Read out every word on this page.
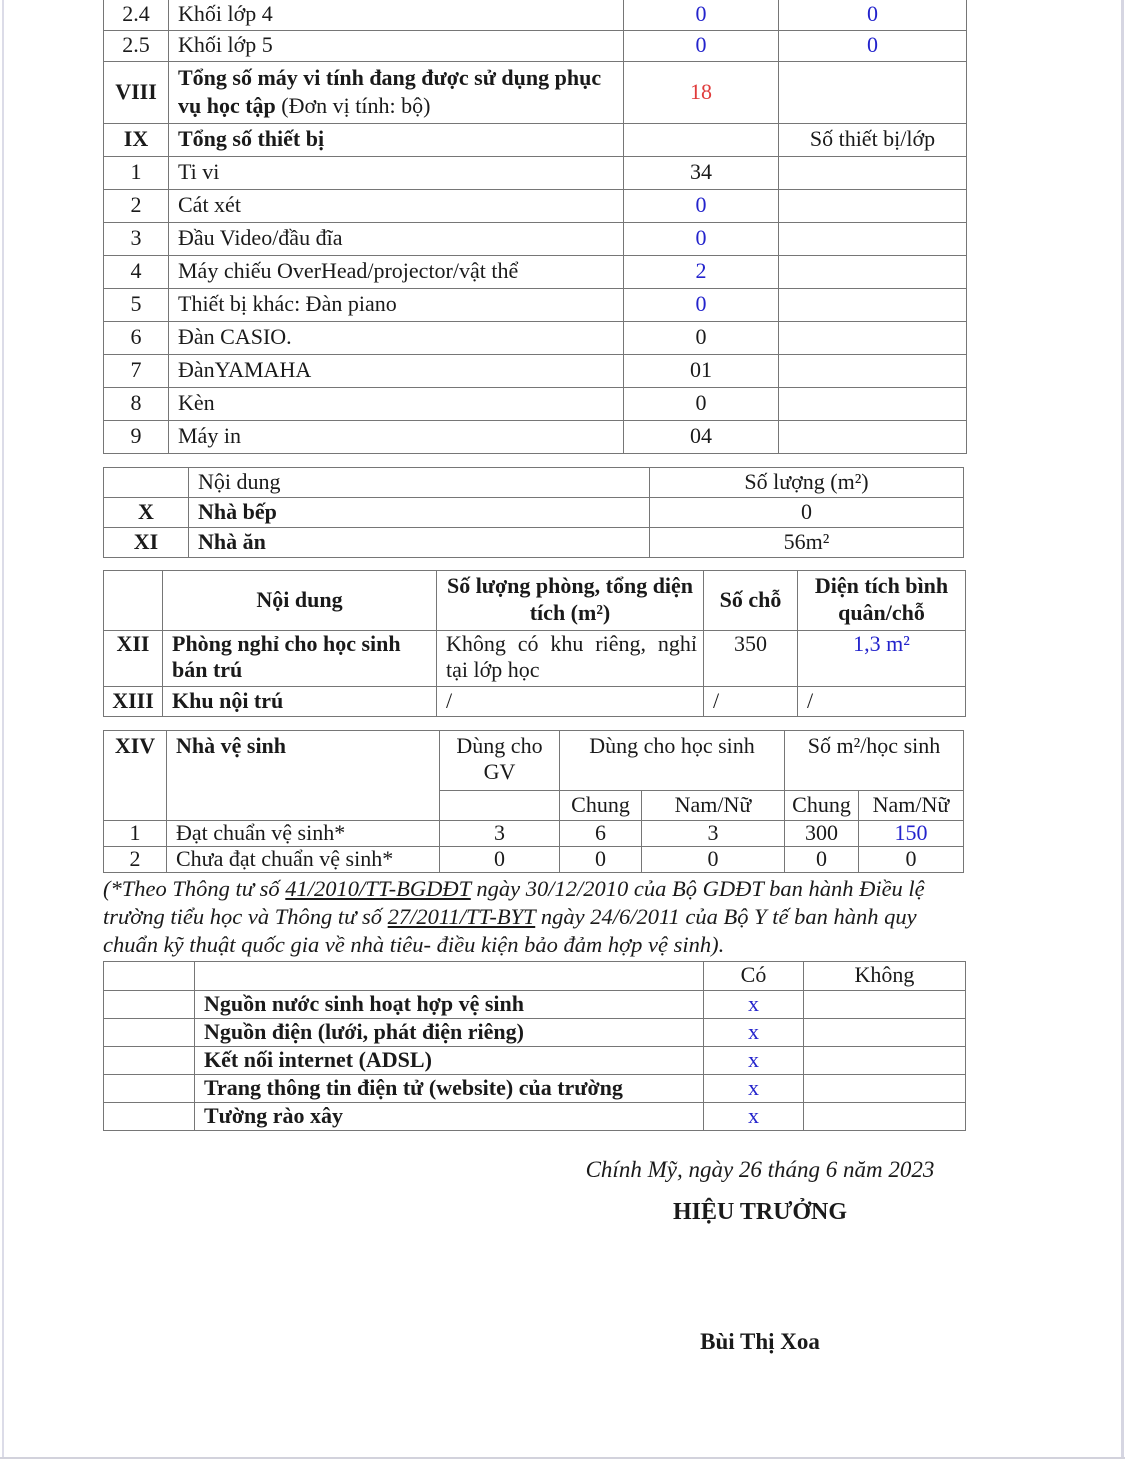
2.4	Khối lớp 4	0	0
2.5	Khối lớp 5	0	0
VIII	Tổng số máy vi tính đang được sử dụng phục vụ học tập (Đơn vị tính: bộ)	18	
IX	Tổng số thiết bị		Số thiết bị/lớp
1	Ti vi	34	
2	Cát xét	0	
3	Đầu Video/đầu đĩa	0	
4	Máy chiếu OverHead/projector/vật thể	2	
5	Thiết bị khác: Đàn piano	0	
6	Đàn CASIO.	0	
7	ĐànYAMAHA	01	
8	Kèn	0	
9	Máy in	04	
	Nội dung	Số lượng (m²)
X	Nhà bếp	0
XI	Nhà ăn	56m²
	Nội dung	Số lượng phòng, tổng diện tích (m²)	Số chỗ	Diện tích bình quân/chỗ
XII	Phòng nghỉ cho học sinh bán trú	Không có khu riêng, nghỉ tại lớp học	350	1,3 m²
XIII	Khu nội trú	/	/	/
XIV	Nhà vệ sinh	Dùng cho GV	Dùng cho học sinh		Số m²/học sinh	
			Chung	Nam/Nữ	Chung	Nam/Nữ
1	Đạt chuẩn vệ sinh*	3	6	3	300	150
2	Chưa đạt chuẩn vệ sinh*	0	0	0	0	0
(*Theo Thông tư số 41/2010/TT-BGDĐT ngày 30/12/2010 của Bộ GDĐT ban hành Điều lệ trường tiểu học và Thông tư số 27/2011/TT-BYT ngày 24/6/2011 của Bộ Y tế ban hành quy chuẩn kỹ thuật quốc gia về nhà tiêu- điều kiện bảo đảm hợp vệ sinh).
		Có	Không
	Nguồn nước sinh hoạt hợp vệ sinh	x	
	Nguồn điện (lưới, phát điện riêng)	x	
	Kết nối internet (ADSL)	x	
	Trang thông tin điện tử (website) của trường	x	
	Tường rào xây	x	
Chính Mỹ, ngày 26 tháng 6 năm 2023
HIỆU TRƯỞNG
Bùi Thị Xoa
